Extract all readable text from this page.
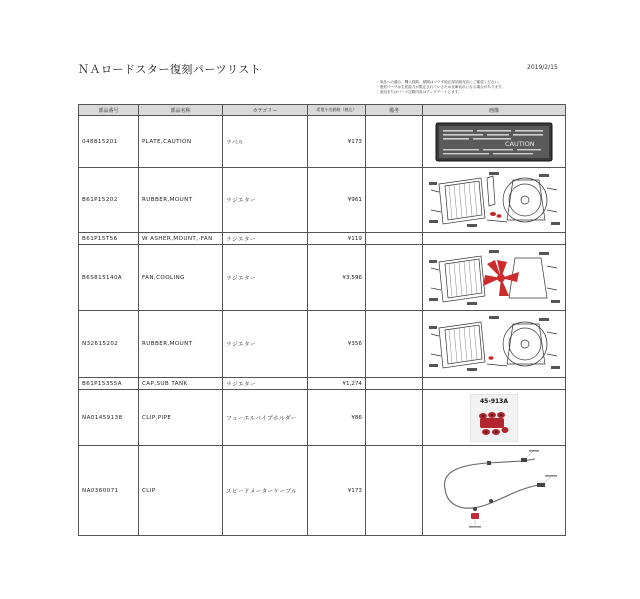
ＮＡロードスター復刻パーツリスト	2019/2/15
・単品への適合、購入経路、納期はマツダ純正部品販売店にご確認ください。
・復刻パーツは生産能力が限定されているため在庫切れになる場合があります。
・追加またはパーツ記載内容はアップデートします。
部品番号	部品名称	カテゴリー	希望小売価格（税込）	備考	画像
048815201	PLATE,CAUTION	ラベル	¥173		CAUTION

B61P15202	RUBBER,MOUNT	ラジエター	¥961		

B61P15T56	W ASHER,MOUNT,-FAN	ラジエター	¥119		
B6S815140A	FAN,COOLING	ラジエター	¥3,596		

N32615202	RUBBER,MOUNT	ラジエター	¥356		

B61P15355A	CAP,SUB TANK	ラジエター	¥1,274		
NA01459138	CLIP,PIPE	フューエルパイプホルダー	¥86		45-913A

NA0360071	CLIP	スピードメーターケーブル	¥173		
